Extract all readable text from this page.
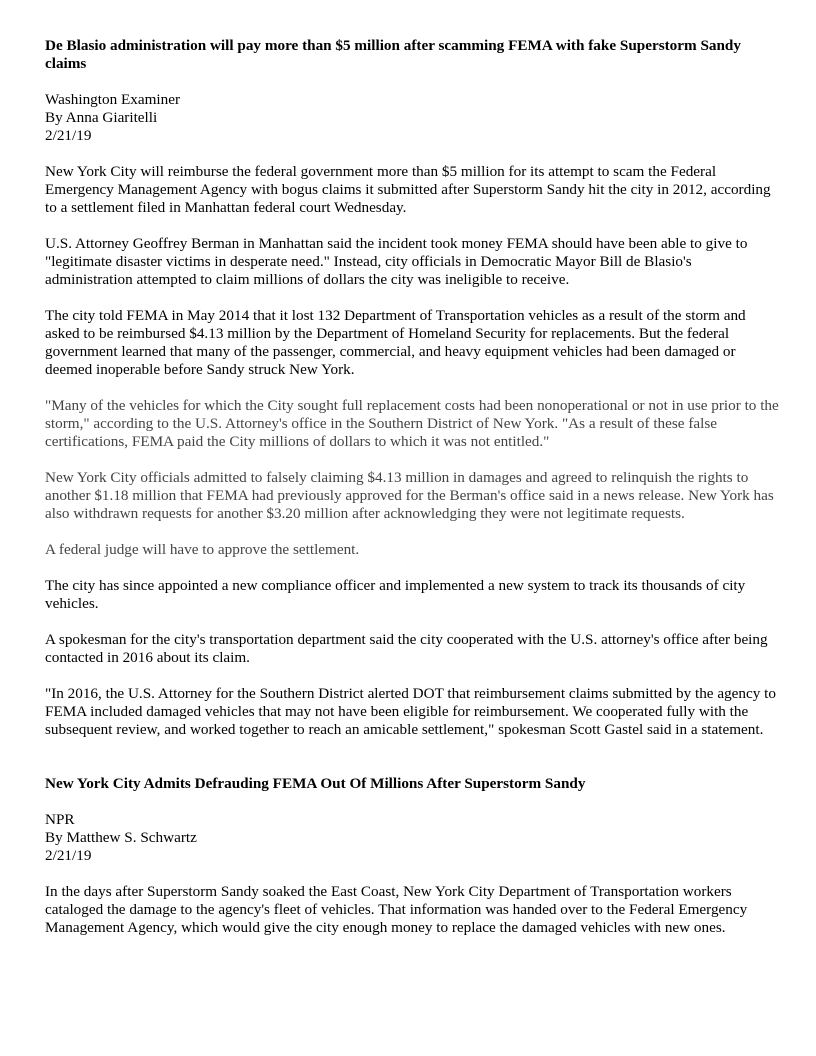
De Blasio administration will pay more than $5 million after scamming FEMA with fake Superstorm Sandy claims
Washington Examiner
By Anna Giaritelli
2/21/19

New York City will reimburse the federal government more than $5 million for its attempt to scam the Federal Emergency Management Agency with bogus claims it submitted after Superstorm Sandy hit the city in 2012, according to a settlement filed in Manhattan federal court Wednesday.

U.S. Attorney Geoffrey Berman in Manhattan said the incident took money FEMA should have been able to give to "legitimate disaster victims in desperate need." Instead, city officials in Democratic Mayor Bill de Blasio's administration attempted to claim millions of dollars the city was ineligible to receive.

The city told FEMA in May 2014 that it lost 132 Department of Transportation vehicles as a result of the storm and asked to be reimbursed $4.13 million by the Department of Homeland Security for replacements. But the federal government learned that many of the passenger, commercial, and heavy equipment vehicles had been damaged or deemed inoperable before Sandy struck New York.

"Many of the vehicles for which the City sought full replacement costs had been nonoperational or not in use prior to the storm," according to the U.S. Attorney's office in the Southern District of New York. "As a result of these false certifications, FEMA paid the City millions of dollars to which it was not entitled."

New York City officials admitted to falsely claiming $4.13 million in damages and agreed to relinquish the rights to another $1.18 million that FEMA had previously approved for the Berman's office said in a news release. New York has also withdrawn requests for another $3.20 million after acknowledging they were not legitimate requests.

A federal judge will have to approve the settlement.

The city has since appointed a new compliance officer and implemented a new system to track its thousands of city vehicles.

A spokesman for the city's transportation department said the city cooperated with the U.S. attorney's office after being contacted in 2016 about its claim.

"In 2016, the U.S. Attorney for the Southern District alerted DOT that reimbursement claims submitted by the agency to FEMA included damaged vehicles that may not have been eligible for reimbursement. We cooperated fully with the subsequent review, and worked together to reach an amicable settlement," spokesman Scott Gastel said in a statement.

New York City Admits Defrauding FEMA Out Of Millions After Superstorm Sandy
NPR
By Matthew S. Schwartz
2/21/19

In the days after Superstorm Sandy soaked the East Coast, New York City Department of Transportation workers cataloged the damage to the agency's fleet of vehicles. That information was handed over to the Federal Emergency Management Agency, which would give the city enough money to replace the damaged vehicles with new ones.
